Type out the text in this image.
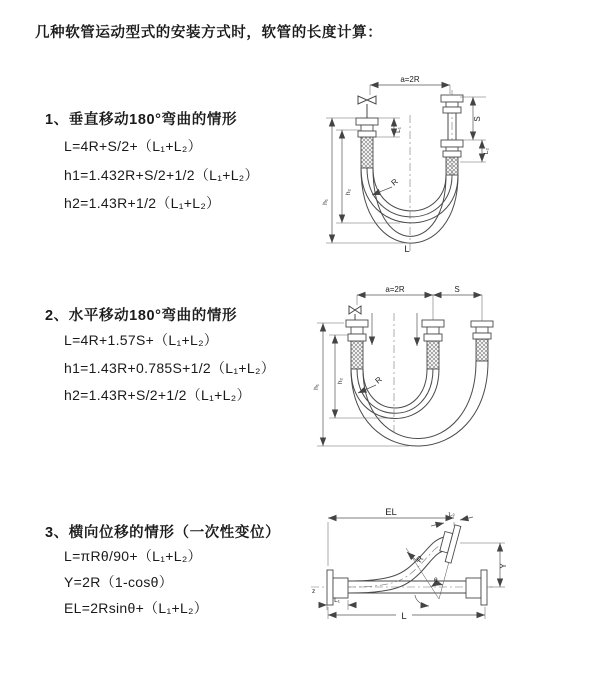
几种软管运动型式的安装方式时，软管的长度计算：
1、垂直移动180°弯曲的情形
L=4R+S/2+（L₁+L₂）
h1=1.432R+S/2+1/2（L₁+L₂）
h2=1.43R+1/2（L₁+L₂）
2、水平移动180°弯曲的情形
L=4R+1.57S+（L₁+L₂）
h1=1.43R+0.785S+1/2（L₁+L₂）
h2=1.43R+S/2+1/2（L₁+L₂）
3、横向位移的情形（一次性变位）
L=πRθ/90+（L₁+L₂）
Y=2R（1-cosθ）
EL=2Rsinθ+（L₁+L₂）
a=2R
L₁
S
L₂
h₁
h₂
R
L
a=2R	S
h₁
h₂	R
z
θ
EL	L₂
Y
L
L₁
R
